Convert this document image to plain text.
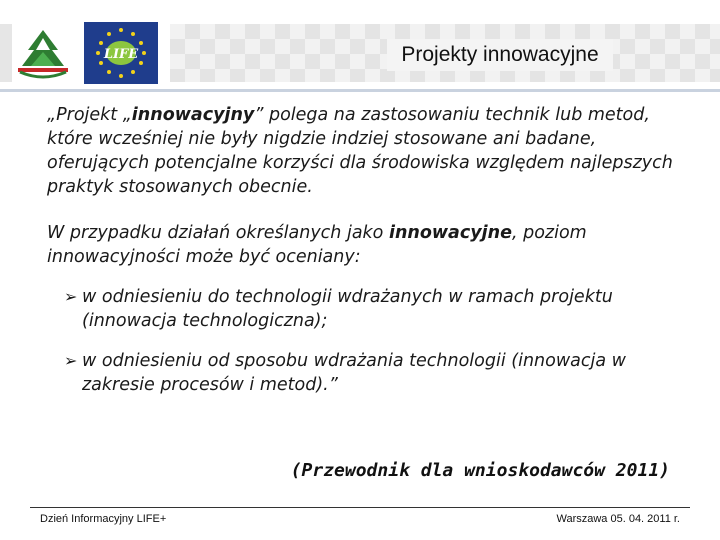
LIFE	Projekty innowacyjne

„Projekt „innowacyjny” polega na zastosowaniu technik lub metod, które wcześniej nie były nigdzie indziej stosowane ani badane, oferujących potencjalne korzyści dla środowiska względem najlepszych praktyk stosowanych obecnie.

W przypadku działań określanych jako innowacyjne, poziom innowacyjności może być oceniany:

➢ w odniesieniu do technologii wdrażanych w ramach projektu (innowacja technologiczna);
➢ w odniesieniu od sposobu wdrażania technologii (innowacja w zakresie procesów i metod).”
(Przewodnik dla wnioskodawców 2011)
Dzień Informacyjny LIFE+	Warszawa 05. 04. 2011 r.
